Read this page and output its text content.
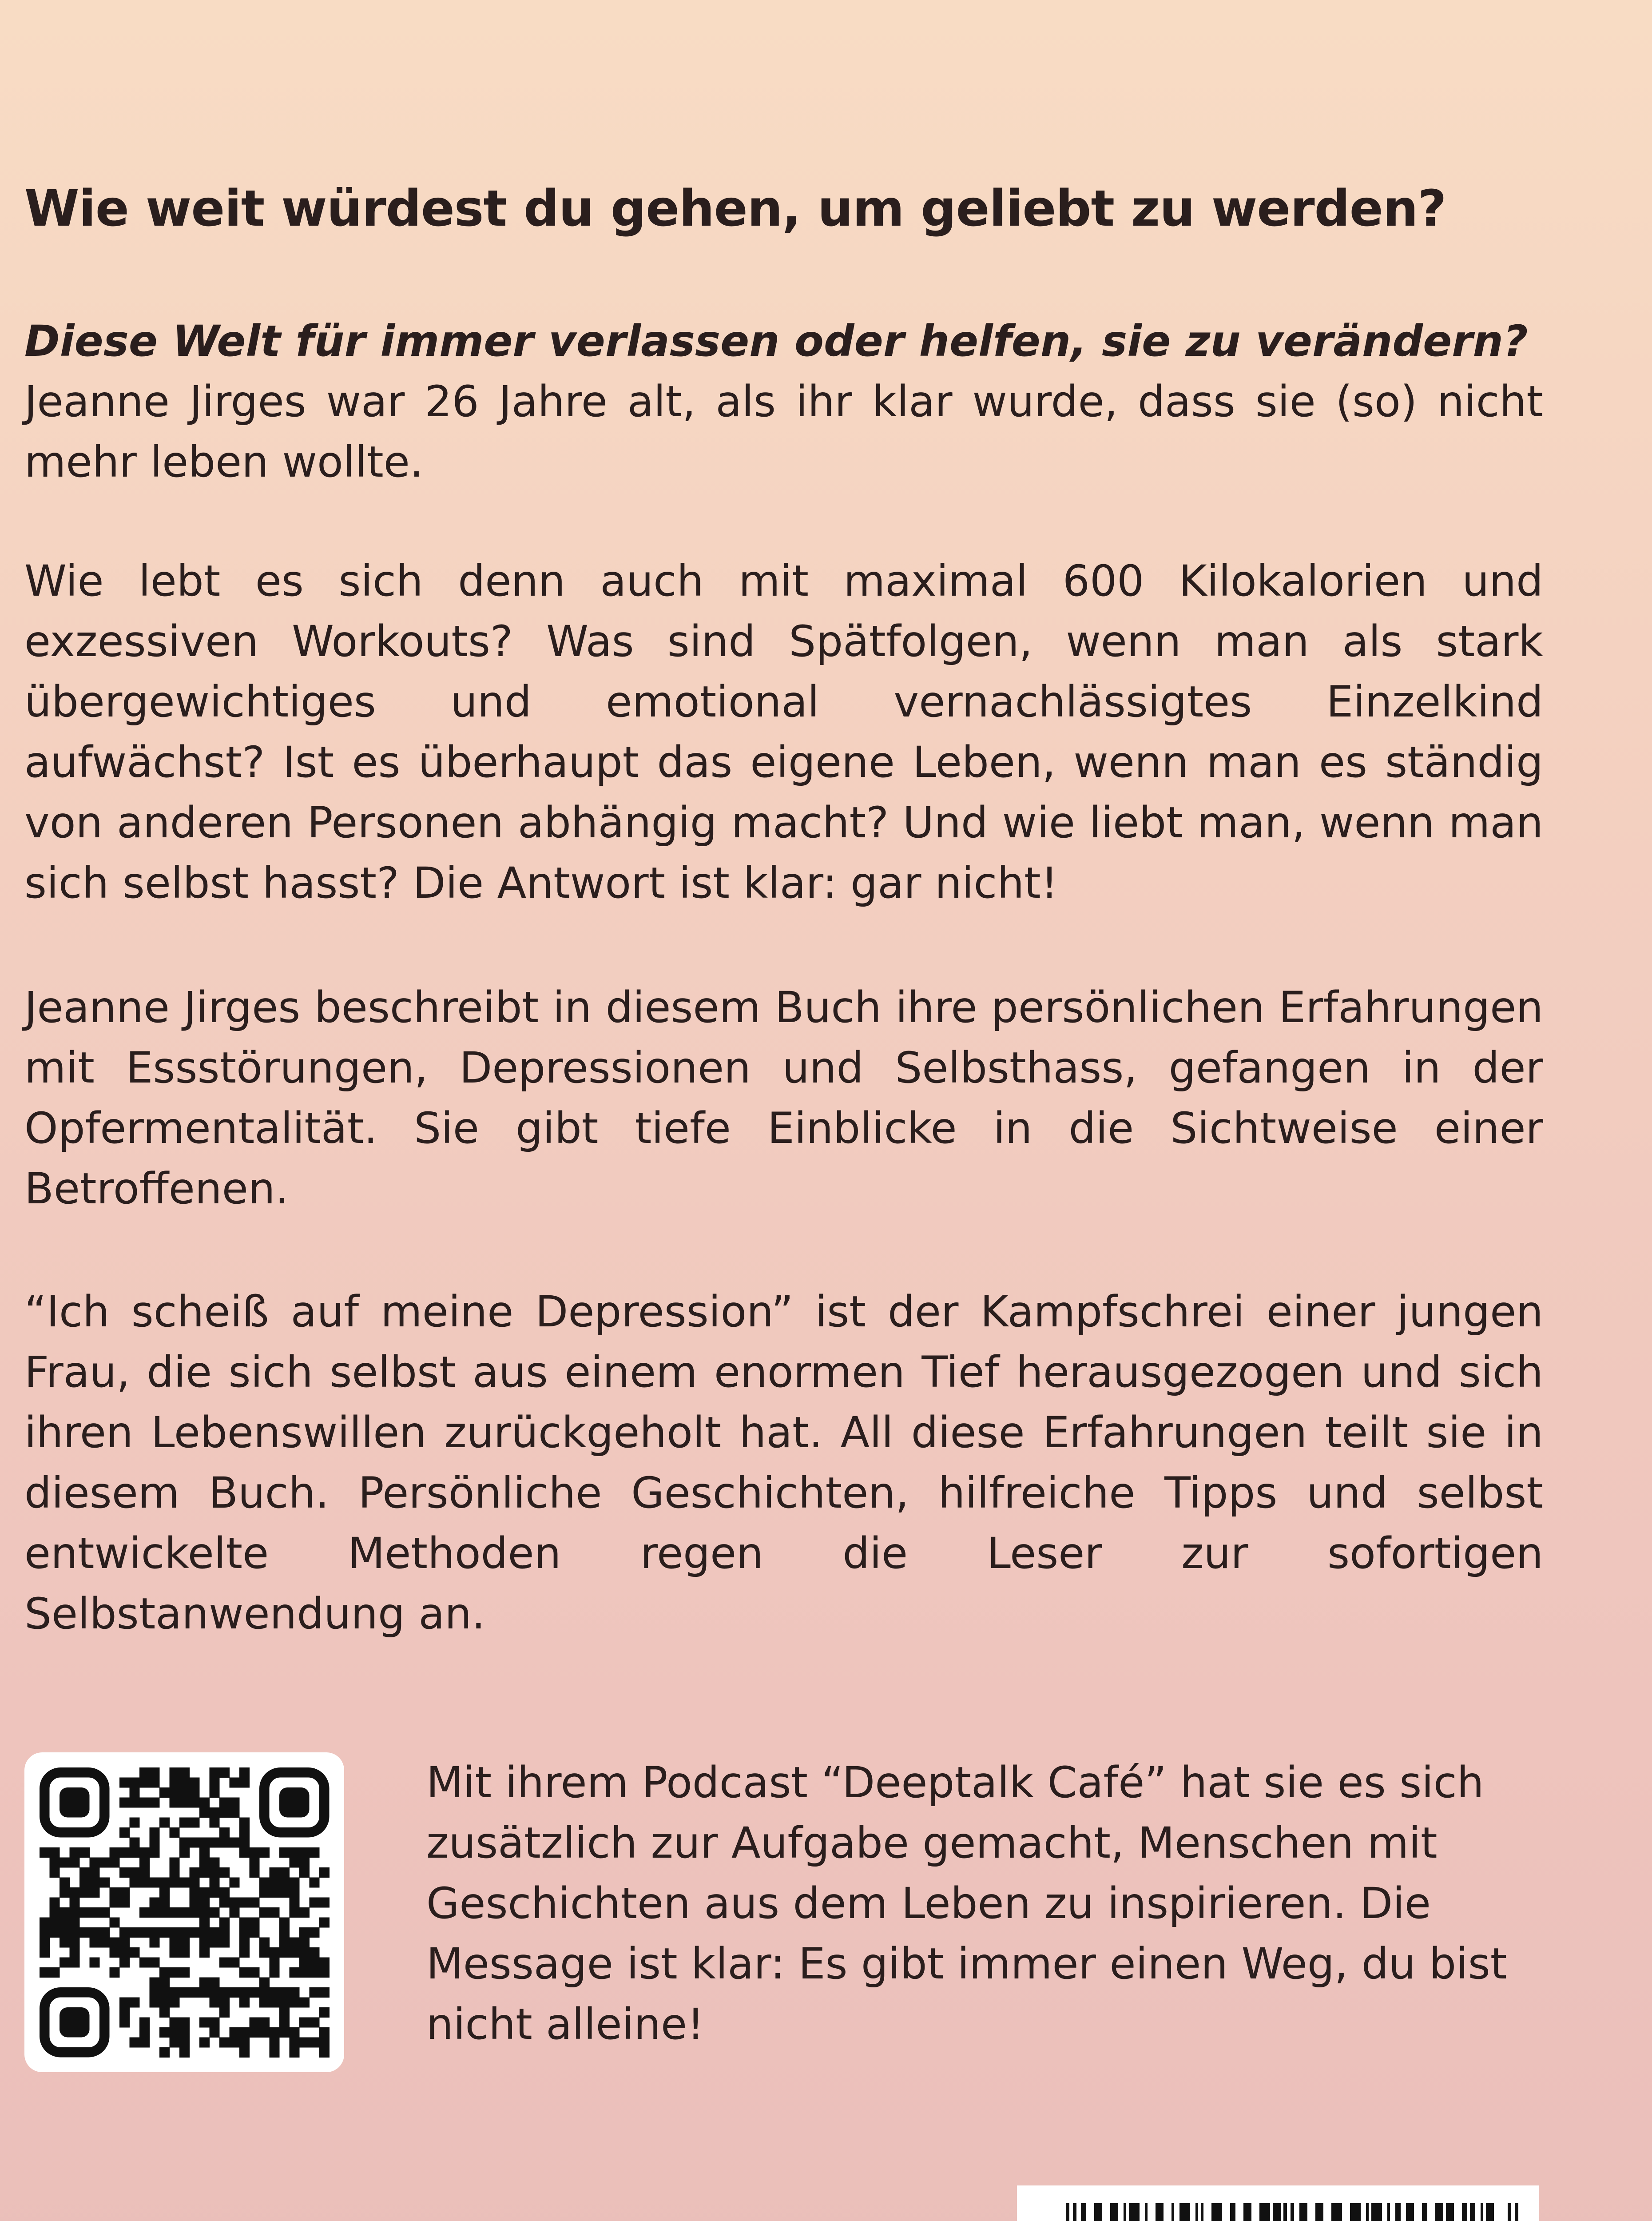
Wie weit würdest du gehen, um geliebt zu werden?
Diese Welt für immer verlassen oder helfen, sie zu verändern?
Jeanne Jirges war 26 Jahre alt, als ihr klar wurde, dass sie (so) nicht mehr leben wollte.
Wie lebt es sich denn auch mit maximal 600 Kilokalorien und exzessiven Workouts? Was sind Spätfolgen, wenn man als stark übergewichtiges und emotional vernachlässigtes Einzelkind aufwächst? Ist es überhaupt das eigene Leben, wenn man es ständig von anderen Personen abhängig macht? Und wie liebt man, wenn man sich selbst hasst? Die Antwort ist klar: gar nicht!
Jeanne Jirges beschreibt in diesem Buch ihre persönlichen Erfahrungen mit Essstörungen, Depressionen und Selbsthass, gefangen in der Opfermentalität. Sie gibt tiefe Einblicke in die Sichtweise einer Betroffenen.
“Ich scheiß auf meine Depression” ist der Kampfschrei einer jungen Frau, die sich selbst aus einem enormen Tief herausgezogen und sich ihren Lebenswillen zurückgeholt hat. All diese Erfahrungen teilt sie in diesem Buch. Persönliche Geschichten, hilfreiche Tipps und selbst entwickelte Methoden regen die Leser zur sofortigen Selbstanwendung an.
Mit ihrem Podcast “Deeptalk Café” hat sie es sich zusätzlich zur Aufgabe gemacht, Menschen mit Geschichten aus dem Leben zu inspirieren. Die Message ist klar: Es gibt immer einen Weg, du bist nicht alleine!
